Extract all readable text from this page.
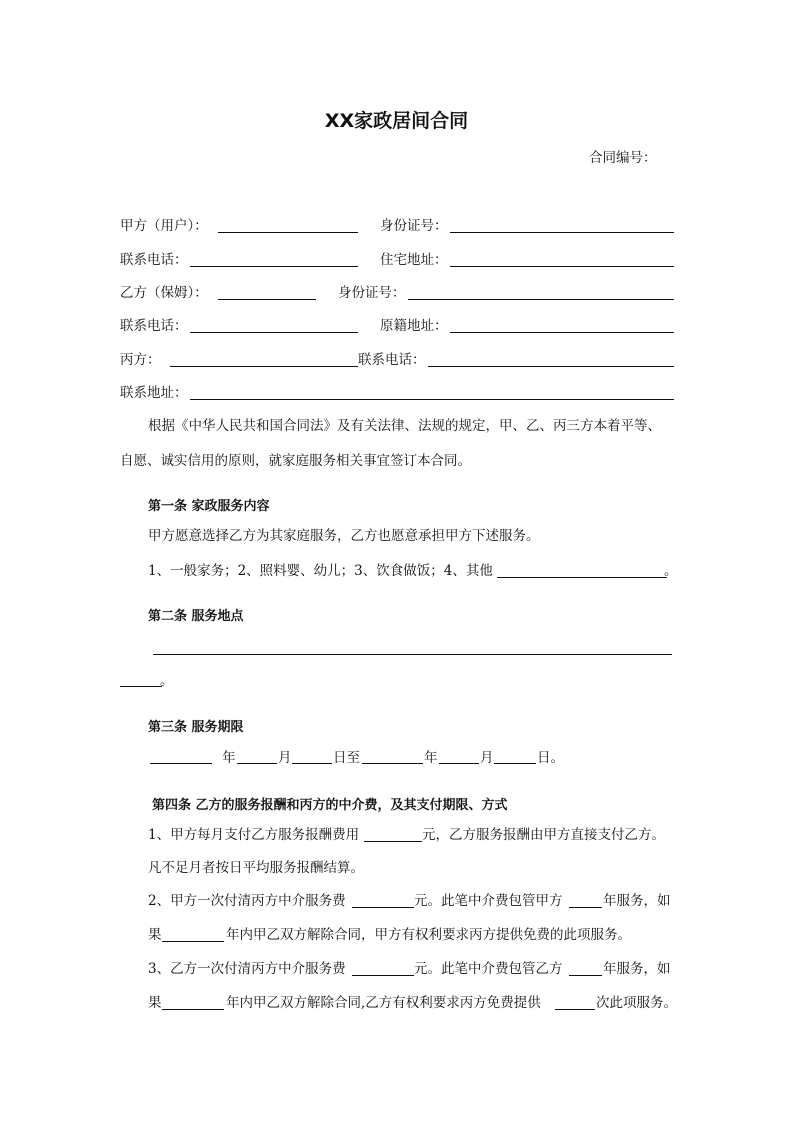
XX家政居间合同
合同编号：
甲方（用户）：	身份证号：
联系电话：	住宅地址：
乙方（保姆）：	身份证号：
联系电话：	原籍地址：
丙方：	联系电话：
联系地址：
根据《中华人民共和国合同法》及有关法律、法规的规定，甲、乙、丙三方本着平等、
自愿、诚实信用的原则，就家庭服务相关事宜签订本合同。
第一条 家政服务内容
甲方愿意选择乙方为其家庭服务，乙方也愿意承担甲方下述服务。
1、一般家务；2、照料婴、幼儿；3、饮食做饭；4、其他	。
第二条 服务地点
。
第三条 服务期限
年	月	日至	年	月	日。
第四条 乙方的服务报酬和丙方的中介费，及其支付期限、方式
1、甲方每月支付乙方服务报酬费用	元，乙方服务报酬由甲方直接支付乙方。
凡不足月者按日平均服务报酬结算。
2、甲方一次付清丙方中介服务费	元。此笔中介费包管甲方	年服务，如
果	年内甲乙双方解除合同，甲方有权利要求丙方提供免费的此项服务。
3、乙方一次付清丙方中介服务费	元。此笔中介费包管乙方	年服务，如
果	年内甲乙双方解除合同,乙方有权利要求丙方免费提供	次此项服务。
